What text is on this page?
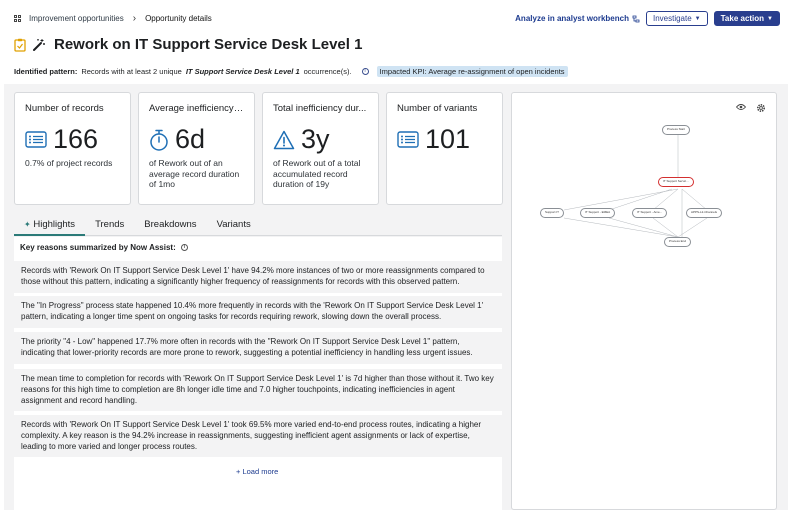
Improvement opportunities › Opportunity details	Analyze in analyst workbench	Investigate ▼	Take action ▼
Rework on IT Support Service Desk Level 1
Identified pattern: Records with at least 2 unique IT Support Service Desk Level 1 occurrence(s).	i	Impacted KPI: Average re-assignment of open incidents
Number of records
166
0.7% of project records
Average inefficiency ...
6d
of Rework out of an average record duration of 1mo
Total inefficiency dur...
3y
of Rework out of a total accumulated record duration of 19y
Number of variants
101
✦ Highlights	Trends	Breakdowns	Variants
Key reasons summarized by Now Assist:	i
Records with 'Rework On IT Support Service Desk Level 1' have 94.2% more instances of two or more reassignments compared to those without this pattern, indicating a significantly higher frequency of reassignments for records with this observed pattern.
The "In Progress" process state happened 10.4% more frequently in records with the 'Rework On IT Support Service Desk Level 1' pattern, indicating a longer time spent on ongoing tasks for records requiring rework, slowing down the overall process.
The priority "4 - Low" happened 17.7% more often in records with the "Rework On IT Support Service Desk Level 1" pattern, indicating that lower-priority records are more prone to rework, suggesting a potential inefficiency in handling less urgent issues.
The mean time to completion for records with 'Rework On IT Support Service Desk Level 1' is 7d higher than those without it. Two key reasons for this high time to completion are 8h longer idle time and 7.0 higher touchpoints, indicating inefficiencies in agent assignment and record handling.
Records with 'Rework On IT Support Service Desk Level 1' took 69.5% more varied end-to-end process routes, indicating a higher complexity. A key reason is the 94.2% increase in reassignments, suggesting inefficient agent assignments or lack of expertise, leading to more varied and longer process routes.
+ Load more
Process Start
IT Support Servic...
Support IT	IT Support - EMEA	IT Support - Ame...	APPS-L2-Channels
Process End
